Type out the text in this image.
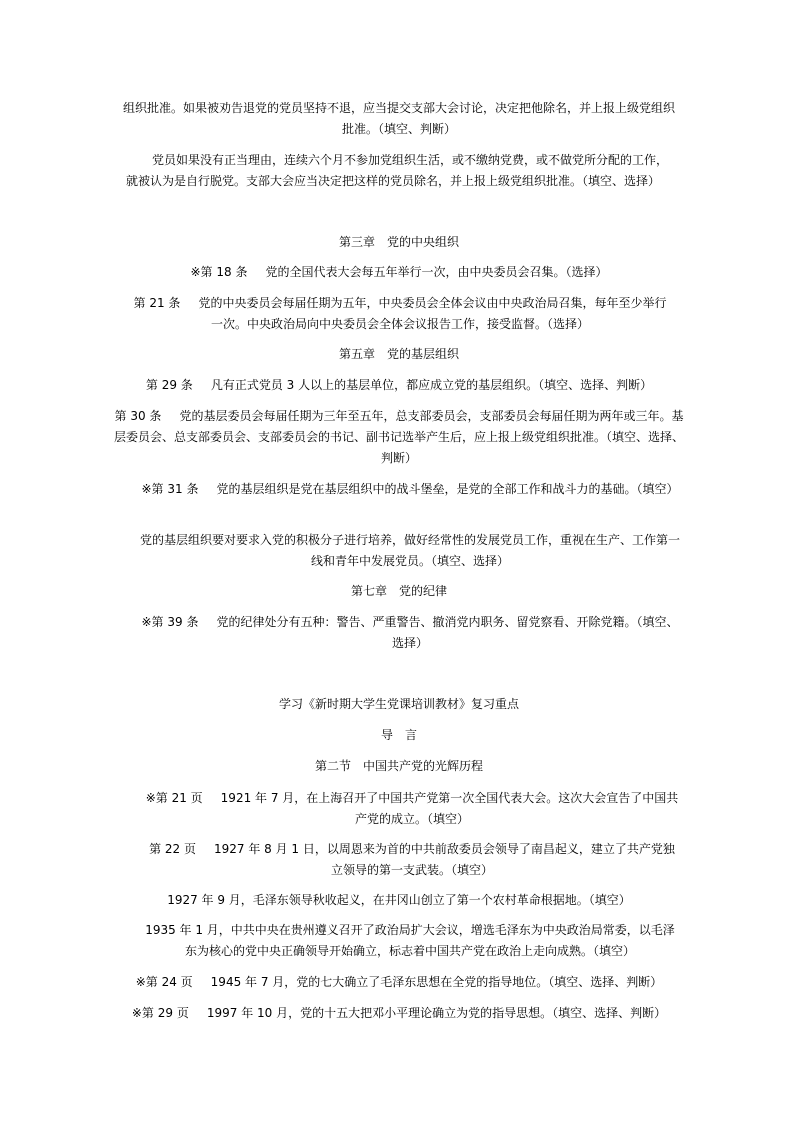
组织批准。如果被劝告退党的党员坚持不退，应当提交支部大会讨论，决定把他除名，并上报上级党组织批准。（填空、判断）
党员如果没有正当理由，连续六个月不参加党组织生活，或不缴纳党费，或不做党所分配的工作，就被认为是自行脱党。支部大会应当决定把这样的党员除名，并上报上级党组织批准。（填空、选择）
第三章　党的中央组织
※第 18 条 党的全国代表大会每五年举行一次，由中央委员会召集。（选择）
第 21 条 党的中央委员会每届任期为五年，中央委员会全体会议由中央政治局召集，每年至少举行一次。中央政治局向中央委员会全体会议报告工作，接受监督。（选择）
第五章　党的基层组织
第 29 条 凡有正式党员 3 人以上的基层单位，都应成立党的基层组织。（填空、选择、判断）
第 30 条 党的基层委员会每届任期为三年至五年，总支部委员会，支部委员会每届任期为两年或三年。基层委员会、总支部委员会、支部委员会的书记、副书记选举产生后，应上报上级党组织批准。（填空、选择、判断）
※第 31 条 党的基层组织是党在基层组织中的战斗堡垒，是党的全部工作和战斗力的基础。（填空）
党的基层组织要对要求入党的积极分子进行培养，做好经常性的发展党员工作，重视在生产、工作第一线和青年中发展党员。（填空、选择）
第七章　党的纪律
※第 39 条 党的纪律处分有五种：警告、严重警告、撤消党内职务、留党察看、开除党籍。（填空、选择）
学习《新时期大学生党课培训教材》复习重点
导　言
第二节　中国共产党的光辉历程
※第 21 页 1921 年 7 月，在上海召开了中国共产党第一次全国代表大会。这次大会宣告了中国共产党的成立。（填空）
第 22 页 1927 年 8 月 1 日，以周恩来为首的中共前敌委员会领导了南昌起义，建立了共产党独立领导的第一支武装。（填空）
1927 年 9 月，毛泽东领导秋收起义，在井冈山创立了第一个农村革命根据地。（填空）
1935 年 1 月，中共中央在贵州遵义召开了政治局扩大会议，增选毛泽东为中央政治局常委，以毛泽东为核心的党中央正确领导开始确立，标志着中国共产党在政治上走向成熟。（填空）
※第 24 页 1945 年 7 月，党的七大确立了毛泽东思想在全党的指导地位。（填空、选择、判断）
※第 29 页 1997 年 10 月，党的十五大把邓小平理论确立为党的指导思想。（填空、选择、判断）
